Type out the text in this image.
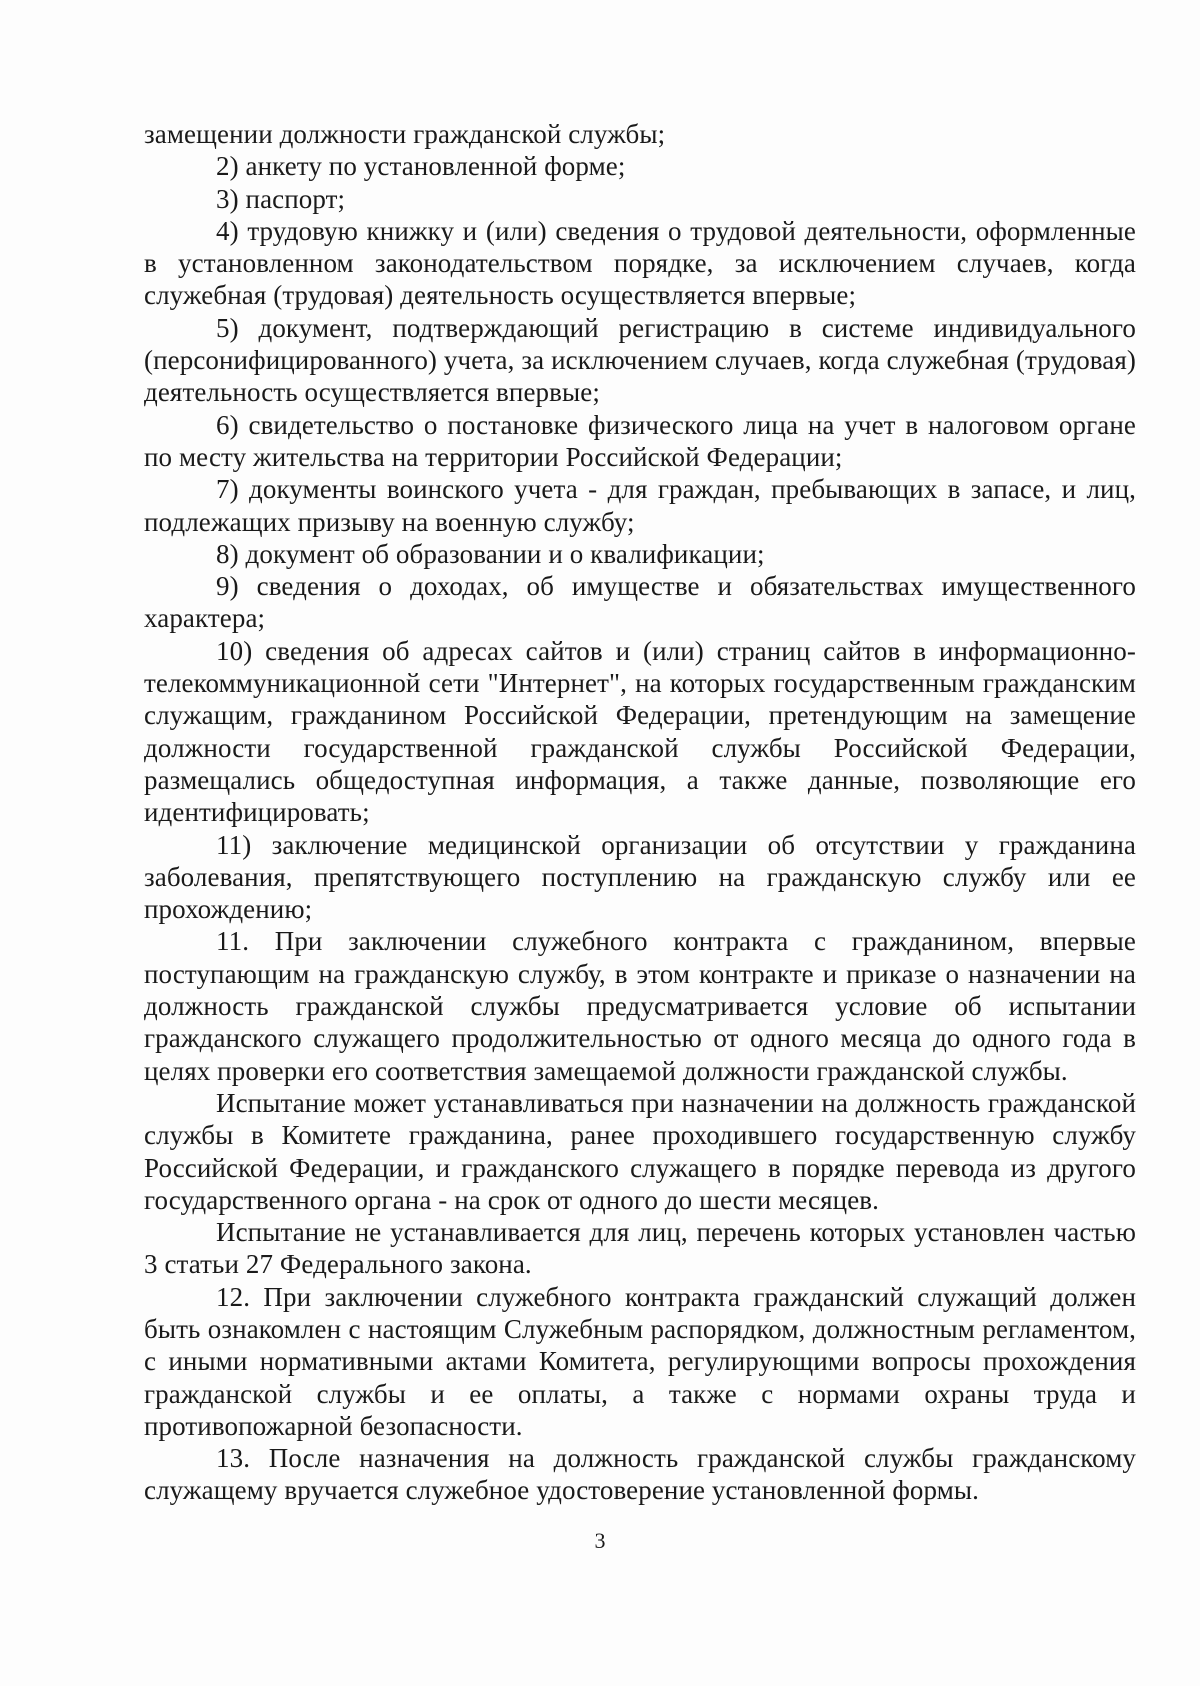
замещении должности гражданской службы;

2) анкету по установленной форме;

3) паспорт;

4) трудовую книжку и (или) сведения о трудовой деятельности, оформленные в установленном законодательством порядке, за исключением случаев, когда служебная (трудовая) деятельность осуществляется впервые;

5) документ, подтверждающий регистрацию в системе индивидуального (персонифицированного) учета, за исключением случаев, когда служебная (трудовая) деятельность осуществляется впервые;

6) свидетельство о постановке физического лица на учет в налоговом органе по месту жительства на территории Российской Федерации;

7) документы воинского учета - для граждан, пребывающих в запасе, и лиц, подлежащих призыву на военную службу;

8) документ об образовании и о квалификации;

9) сведения о доходах, об имуществе и обязательствах имущественного характера;

10) сведения об адресах сайтов и (или) страниц сайтов в информационно-телекоммуникационной сети "Интернет", на которых государственным гражданским служащим, гражданином Российской Федерации, претендующим на замещение должности государственной гражданской службы Российской Федерации, размещались общедоступная информация, а также данные, позволяющие его идентифицировать;

11) заключение медицинской организации об отсутствии у гражданина заболевания, препятствующего поступлению на гражданскую службу или ее прохождению;

11. При заключении служебного контракта с гражданином, впервые поступающим на гражданскую службу, в этом контракте и приказе о назначении на должность гражданской службы предусматривается условие об испытании гражданского служащего продолжительностью от одного месяца до одного года в целях проверки его соответствия замещаемой должности гражданской службы.

Испытание может устанавливаться при назначении на должность гражданской службы в Комитете гражданина, ранее проходившего государственную службу Российской Федерации, и гражданского служащего в порядке перевода из другого государственного органа - на срок от одного до шести месяцев.

Испытание не устанавливается для лиц, перечень которых установлен частью 3 статьи 27 Федерального закона.

12. При заключении служебного контракта гражданский служащий должен быть ознакомлен с настоящим Служебным распорядком, должностным регламентом, с иными нормативными актами Комитета, регулирующими вопросы прохождения гражданской службы и ее оплаты, а также с нормами охраны труда и противопожарной безопасности.

13. После назначения на должность гражданской службы гражданскому служащему вручается служебное удостоверение установленной формы.

3
